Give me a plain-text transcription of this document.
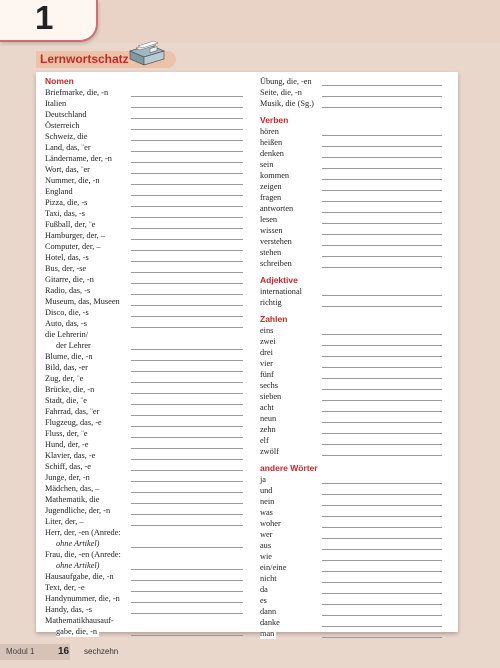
1
Lernwortschatz
Nomen
Briefmarke, die, -n
Italien
Deutschland
Österreich
Schweiz, die
Land, das, ¨er
Ländername, der, -n
Wort, das, ¨er
Nummer, die, -n
England
Pizza, die, -s
Taxi, das, -s
Fußball, der, ¨e
Hamburger, der, –
Computer, der, –
Hotel, das, -s
Bus, der, -se
Gitarre, die, -n
Radio, das, -s
Museum, das, Museen
Disco, die, -s
Auto, das, -s
die Lehrerin/
der Lehrer
Blume, die, -n
Bild, das, -er
Zug, der, ¨e
Brücke, die, -n
Stadt, die, ¨e
Fahrrad, das, ¨er
Flugzeug, das, -e
Fluss, der, ¨e
Hund, der, -e
Klavier, das, -e
Schiff, das, -e
Junge, der, -n
Mädchen, das, –
Mathematik, die
Jugendliche, der, -n
Liter, der, –
Herr, der, -en (Anrede:
ohne Artikel)
Frau, die, -en (Anrede:
ohne Artikel)
Hausaufgabe, die, -n
Text, der, -e
Handynummer, die, -n
Handy, das, -s
Mathematikhausauf-
gabe, die, -n
Übung, die, -en
Seite, die, -n
Musik, die (Sg.)
Verben
hören
heißen
denken
sein
kommen
zeigen
fragen
antworten
lesen
wissen
verstehen
stehen
schreiben
Adjektive
international
richtig
Zahlen
eins
zwei
drei
vier
fünf
sechs
sieben
acht
neun
zehn
elf
zwölf
andere Wörter
ja
und
nein
was
woher
wer
aus
wie
ein/eine
nicht
da
es
dann
danke
man
Modul 1 16 sechzehn
